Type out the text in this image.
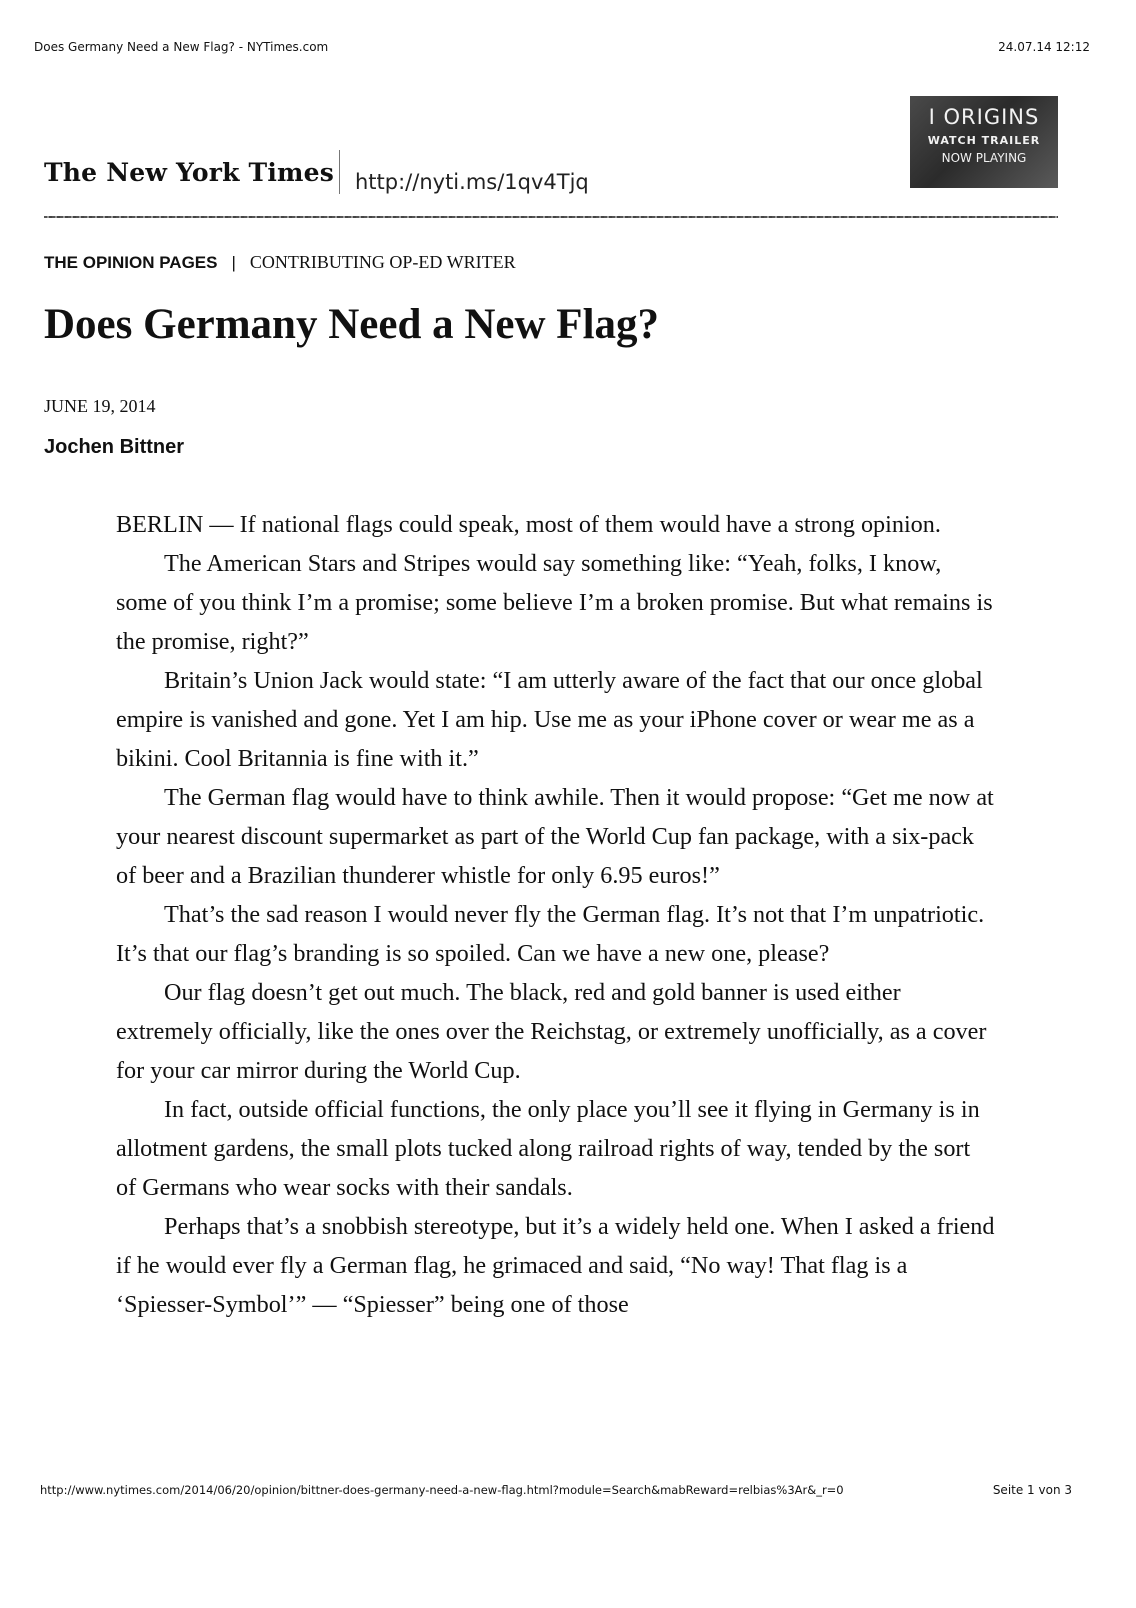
Does Germany Need a New Flag? - NYTimes.com	24.07.14 12:12
The New York Times http://nyti.ms/1qv4Tjq
I ORIGINS
WATCH TRAILER
NOW PLAYING
THE OPINION PAGES | CONTRIBUTING OP-ED WRITER
Does Germany Need a New Flag?
JUNE 19, 2014
Jochen Bittner

BERLIN — If national flags could speak, most of them would have a strong opinion.

The American Stars and Stripes would say something like: “Yeah, folks, I know, some of you think I’m a promise; some believe I’m a broken promise. But what remains is the promise, right?”

Britain’s Union Jack would state: “I am utterly aware of the fact that our once global empire is vanished and gone. Yet I am hip. Use me as your iPhone cover or wear me as a bikini. Cool Britannia is fine with it.”

The German flag would have to think awhile. Then it would propose: “Get me now at your nearest discount supermarket as part of the World Cup fan package, with a six-pack of beer and a Brazilian thunderer whistle for only 6.95 euros!”

That’s the sad reason I would never fly the German flag. It’s not that I’m unpatriotic. It’s that our flag’s branding is so spoiled. Can we have a new one, please?

Our flag doesn’t get out much. The black, red and gold banner is used either extremely officially, like the ones over the Reichstag, or extremely unofficially, as a cover for your car mirror during the World Cup.

In fact, outside official functions, the only place you’ll see it flying in Germany is in allotment gardens, the small plots tucked along railroad rights of way, tended by the sort of Germans who wear socks with their sandals.

Perhaps that’s a snobbish stereotype, but it’s a widely held one. When I asked a friend if he would ever fly a German flag, he grimaced and said, “No way! That flag is a ‘Spiesser-Symbol’” — “Spiesser” being one of those

http://www.nytimes.com/2014/06/20/opinion/bittner-does-germany-need-a-new-flag.html?module=Search&mabReward=relbias%3Ar&_r=0	Seite 1 von 3
